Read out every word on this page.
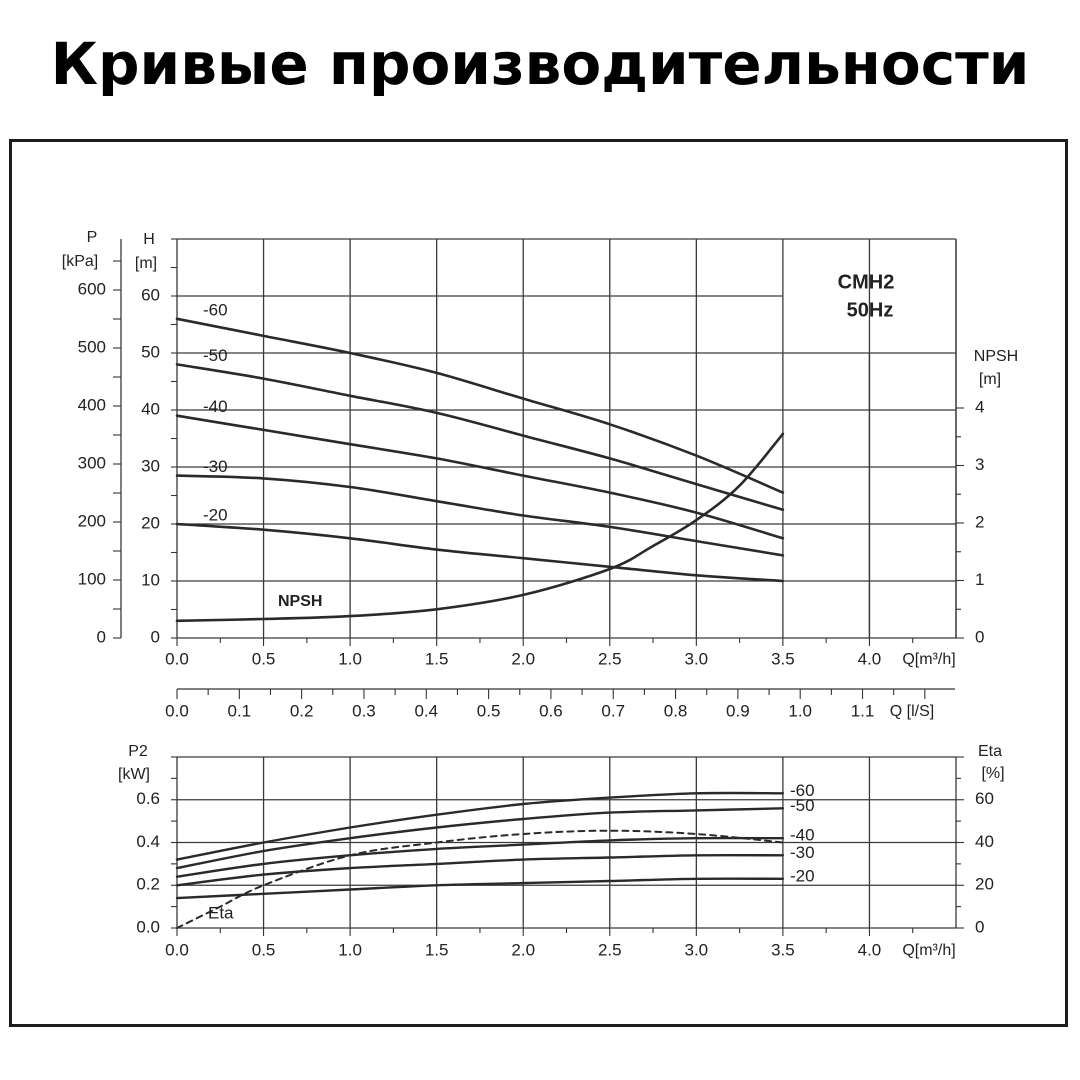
Кривые производительности
0
100
200
300
400
500
600
0
10
20
30
40
50
60
P
[kPa]
H
[m]
0
1
2
3
4
NPSH
[m]
0.0	0.5	1.0	1.5	2.0	2.5	3.0	3.5	4.0 Q[m³/h]
CMH2
50Hz
-60
-50
-40
-30
-20
NPSH
0.0 0.1 0.2 0.3 0.4 0.5 0.6 0.7 0.8 0.9 1.0 1.1 Q [l/S]
0.0
0.2
0.4
0.6
P2
[kW]
0
20
40
60
Eta
[%]
0.0	0.5	1.0	1.5	2.0	2.5	3.0	3.5	4.0 Q[m³/h]
-60
-50
-40
-30
-20
Eta
